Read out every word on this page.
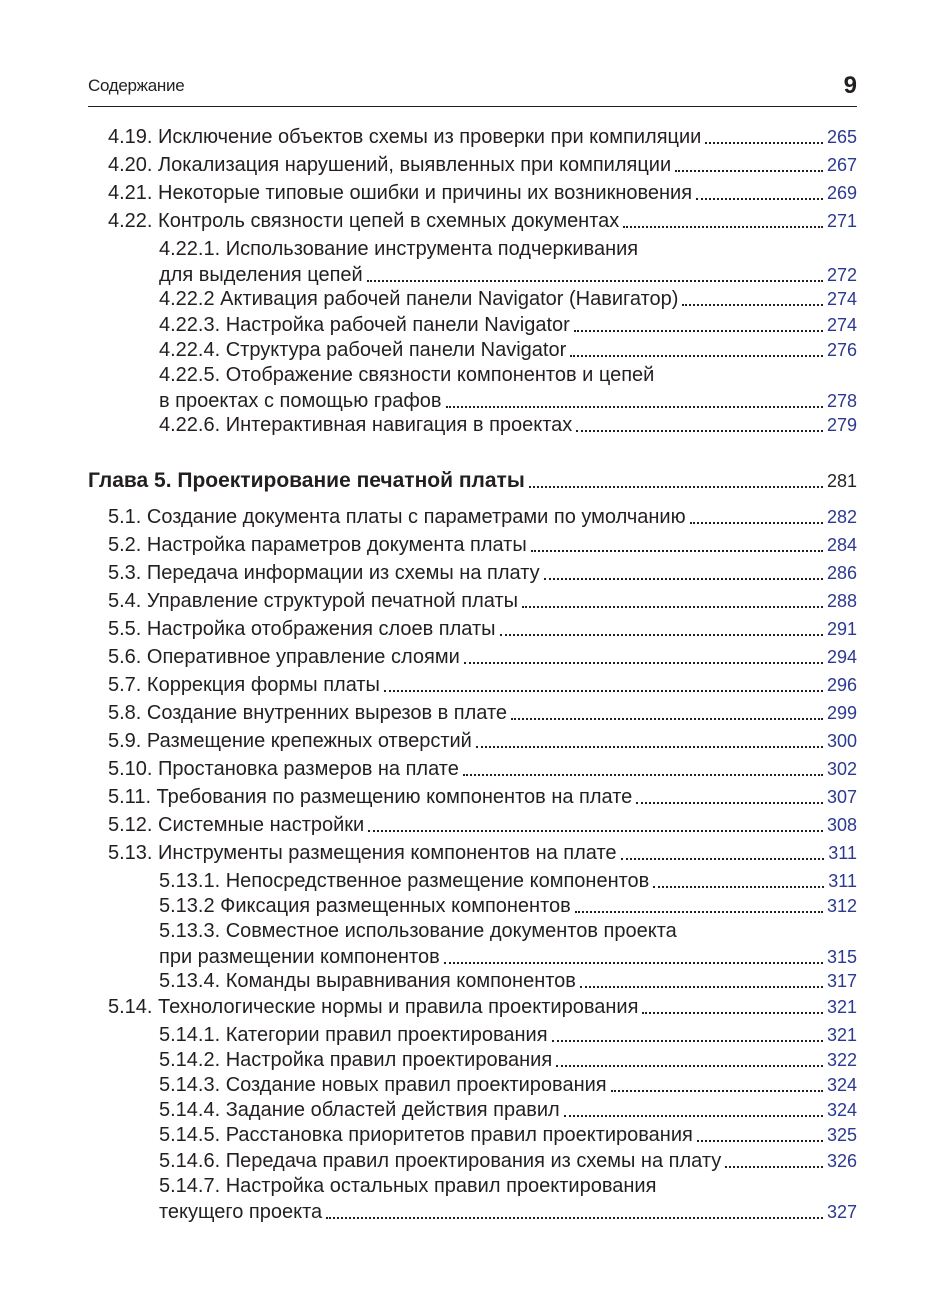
Содержание	9
4.19. Исключение объектов схемы из проверки при компиляции	265
4.20. Локализация нарушений, выявленных при компиляции	267
4.21. Некоторые типовые ошибки и причины их возникновения	269
4.22. Контроль связности цепей в схемных документах	271
4.22.1. Использование инструмента подчеркивания
для выделения цепей	272
4.22.2 Активация рабочей панели Navigator (Навигатор)	274
4.22.3. Настройка рабочей панели Navigator	274
4.22.4. Структура рабочей панели Navigator	276
4.22.5. Отображение связности компонентов и цепей
в проектах с помощью графов	278
4.22.6. Интерактивная навигация в проектах	279
Глава 5. Проектирование печатной платы	281
5.1. Создание документа платы с параметрами по умолчанию	282
5.2. Настройка параметров документа платы	284
5.3. Передача информации из схемы на плату	286
5.4. Управление структурой печатной платы	288
5.5. Настройка отображения слоев платы	291
5.6. Оперативное управление слоями	294
5.7. Коррекция формы платы	296
5.8. Создание внутренних вырезов в плате	299
5.9. Размещение крепежных отверстий	300
5.10. Простановка размеров на плате	302
5.11. Требования по размещению компонентов на плате	307
5.12. Системные настройки	308
5.13. Инструменты размещения компонентов на плате	311
5.13.1. Непосредственное размещение компонентов	311
5.13.2 Фиксация размещенных компонентов	312
5.13.3. Совместное использование документов проекта
при размещении компонентов	315
5.13.4. Команды выравнивания компонентов	317
5.14. Технологические нормы и правила проектирования	321
5.14.1. Категории правил проектирования	321
5.14.2. Настройка правил проектирования	322
5.14.3. Создание новых правил проектирования	324
5.14.4. Задание областей действия правил	324
5.14.5. Расстановка приоритетов правил проектирования	325
5.14.6. Передача правил проектирования из схемы на плату	326
5.14.7. Настройка остальных правил проектирования
текущего проекта	327
